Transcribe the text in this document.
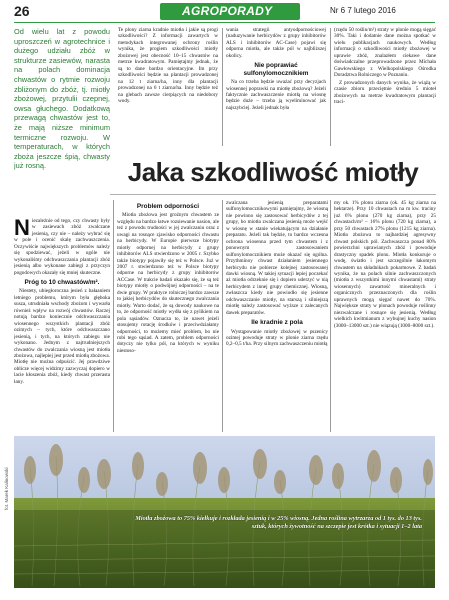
26	AGROPORADY	Nr 6 7 lutego 2016

Od wielu lat z powodu uproszczeń w agrotechnice i dużego udziału zbóż w strukturze zasiewów, narasta na polach dominacja chwastów o rytmie rozwoju zbliżonym do zbóż, tj. miotły zbożowej, przytulii czepnej, owsa głuchego. Dodatkową przewagą chwastów jest to, że mają niższe minimum termiczne rozwoju. W temperaturach, w których zboża jeszcze śpią, chwasty już rosną.

Te plony ziarna kradnie miotła i jakie są progi szkodliwości? Z informacji zawartych w metodykach integrowanej ochrony roślin wynika, że progiem szkodliwości miotły zbożowej jest obecność 10–15 chwastów na metrze kwadratowym. Pamiętajmy jednak, że są to dane bardzo orientacyjne. Im przy szkodliwości będzie na plantacji prowadzonej na 12 t ziarna/ha, inny dla plantacji prowadzonej na 6 t ziarna/ha. Inny będzie też na glebach zawsze cierpiących na niedobory wody.

wania strategii antyodpornościowej (naduzywanie herbicydów z grupy inhibitorów ALS i inhibitorów AC-Case) pojawi się odporna miotła, ale także pól w najbliższej okolicy.

Nie poprawiać sulfonylomocznikiem

Na co trzeba będzie uważać przy decyzjach wiosennej poprawki na miotłę zbożową? Jeżeli faktycznie zachwaszczenie miotłą na wiosnę będzie duże – trzeba ją wyeliminować jak najszybciej. Jeżeli jednak była

(rzędu 50 roślin/m²) straty w plonie mogą sięgać 30%. Taki i dodatnie dane można spotkać w wielu publikacjach naukowych. Według informacji o szkodliwości miotły zbożowej w uprawie zbóż, znalazłem ciekawe dane doświadczalne przeprowadzone przez Michała Gawłowskiego z Wielkopolskiego Ośrodka Doradztwa Rolniczego w Poznaniu.

Z prowadzonych danych wynika, że wiążą w czasie zbioru przeciętnie średnio 5 mioteł zbożowych na metrze kwadratowym plantacji traci-

Jaka szkodliwość miotły

Niezależnie od tego, czy chwasty były w zasiewach zbóż zwalczane jesienią, czy nie – należy wybrać się w pole i ocenić skalę zachwaszczenia. Oczywiście największych problemów należy się spodziewać, jeżeli w ogóle nie wykonaliśmy odchwaszczania plantacji zbóż jesienią albo wykonane zabiegi z przyczyn pogodowych okazały się mniej skuteczne.

Próg to 10 chwastów/m².

Niestety, ubiegłoroczna jesień z bałaaniem letniego problemu, którym była głęboka susza, utrudniała wschody zbożom i wywarła również wpływ na rozwój chwastów. Raczej notują bardzo koniecznie odchwaszczania wiosennego wszystkich plantacji zbóż ozimych – tych, które odchwaszczano jesienią, i tych, na których zabiegu nie wykonano. Jednym z najtrudniejszych chwastów do zwalczania wiosną jest miotła zbożowa, najlepiej jest przed miotłą zbożowa. Miotłę nie można odpuścić. Jej prawdziwe oblicze więcej widzimy zazwyczaj dopiero w lacie kłoszenia zbóż, kiedy chwast przerasta łany.

Problem odporności

Miotła zbożowa jest groźnym chwastem ze względu na bardzo łatwe rozsiewanie nasion, ale też z powodu trudności w jej zwalczaniu oraz z uwagi na rosnące zjawisko odporności chwastu na herbicydy. W Europie pierwsze biotypy miotły odpornej na herbicydy z grupy inhibitorów ALS stwierdzono w 2005 r. Szybko także biotypy pojawiły się też w Polsce. Już w 2007 r. stwierdzono też w Polsce biotypy odporne na herbicydy z grupy inhibitorów ACCase. W trakcie badań okazało się, że są też biotypy miotły o podwójnej odporności – na te dwie grupy. W praktyce rolniczej bardzo zawsze to jakiej herbicydów do skutecznego zwalczania miotły. Warto dodać, że są dowody naukowe na to, że odporność miotły wydła się z pylikiem na pola sąsiadów. Oznacza to, że nawet jeżeli stosujemy rotację środków i przeciwdziałamy odporności, to możemy mieć problem, bo nie robi tego sąsiad. A zatem, problem odporności dotyczy nie tylko pól, na których w wyniku niestoso-

zwalczana jesienią preparatami sulfonylomocznikowymi pamiętajmy, że wiosną nie powinno się zastosować herbicydów z tej grupy, bo miotła zwalczana jesienią może wejść w wiosnę w stanie wiekatującym na działanie preparatu. Jeżeli tak będzie, to bardzo wczesna ochrona wiosenna przed tym chwastem i z ponownym zastosowaniem sulfonylomocznikiem może okazać się ogólna. Przythminoy chwast działaniem jesiennego herbicydu nie pobierze kolejnej zastosowanej dawki wiosną. W takiej sytuacji lepiej poczekać aż miotła odrzeknie się i dopiero uderzyć w nią herbicydem z innej grupy chemicznej. Wiosną, zwłaszcza kiedy nie powiodło się jesienne odchwaszczanie miotły, na starszą i silniejszą miotłę należy zastosować wyższe z zalecanych dawek preparatów.

Ile kradnie z pola

Wystąpowanie miotły zbożowej w pszenicy ozimej powoduje straty w plonie ziarna rzędu 0,2–0,5 t/ha. Przy silnym zachwaszczeniu miotłą

my ok. 1% plonu ziarna (ok. 45 kg ziarna na hektarze). Przy 10 chwastach na m kw. traciny już 6% plonu (270 kg ziarna), przy 25 chwastach/m² – 16% plonu (720 kg ziarna), a przy 50 chwastach 27% plonu (1215 kg ziarna). Miotła zbożowa to najbardziej agresywny chwast polskich pól. Zachwaszcza ponad 80% powierzchni uprawianych zbóż i powoduje drastyczny spadek plonu. Miotła konkuruje o wodę, światło i jest szczególnie łakomym chwastem na składnikach pokarmowe. Z badań wynika, że na polach silnie zachwaszczonych (miotła z wszystkimi innymi chwastami) straty wiosennych) zawartość mineralnych i organicznych przeznaczonych dla roślin uprawnych mogą sięgać nawet do 70%. Największe straty w plonach powoduje roślinny niezwalczane i rosnące się jesienią. Według wielkich kwitmianum z wybujnej kuchy nasion (3000–13000 szt.) nie wiązują (1000–8000 szt.).

Miotła zbożowa to 75% kiełkuje i rozkłada jesienią i w 25% wiosną. Jedna roślina wytrzarza od 1 tys. do 13 tys. sztuk, których żywotność na szczepie jest krótka i sytuacji 1–2 lata
fot. Marek Kalinowski
